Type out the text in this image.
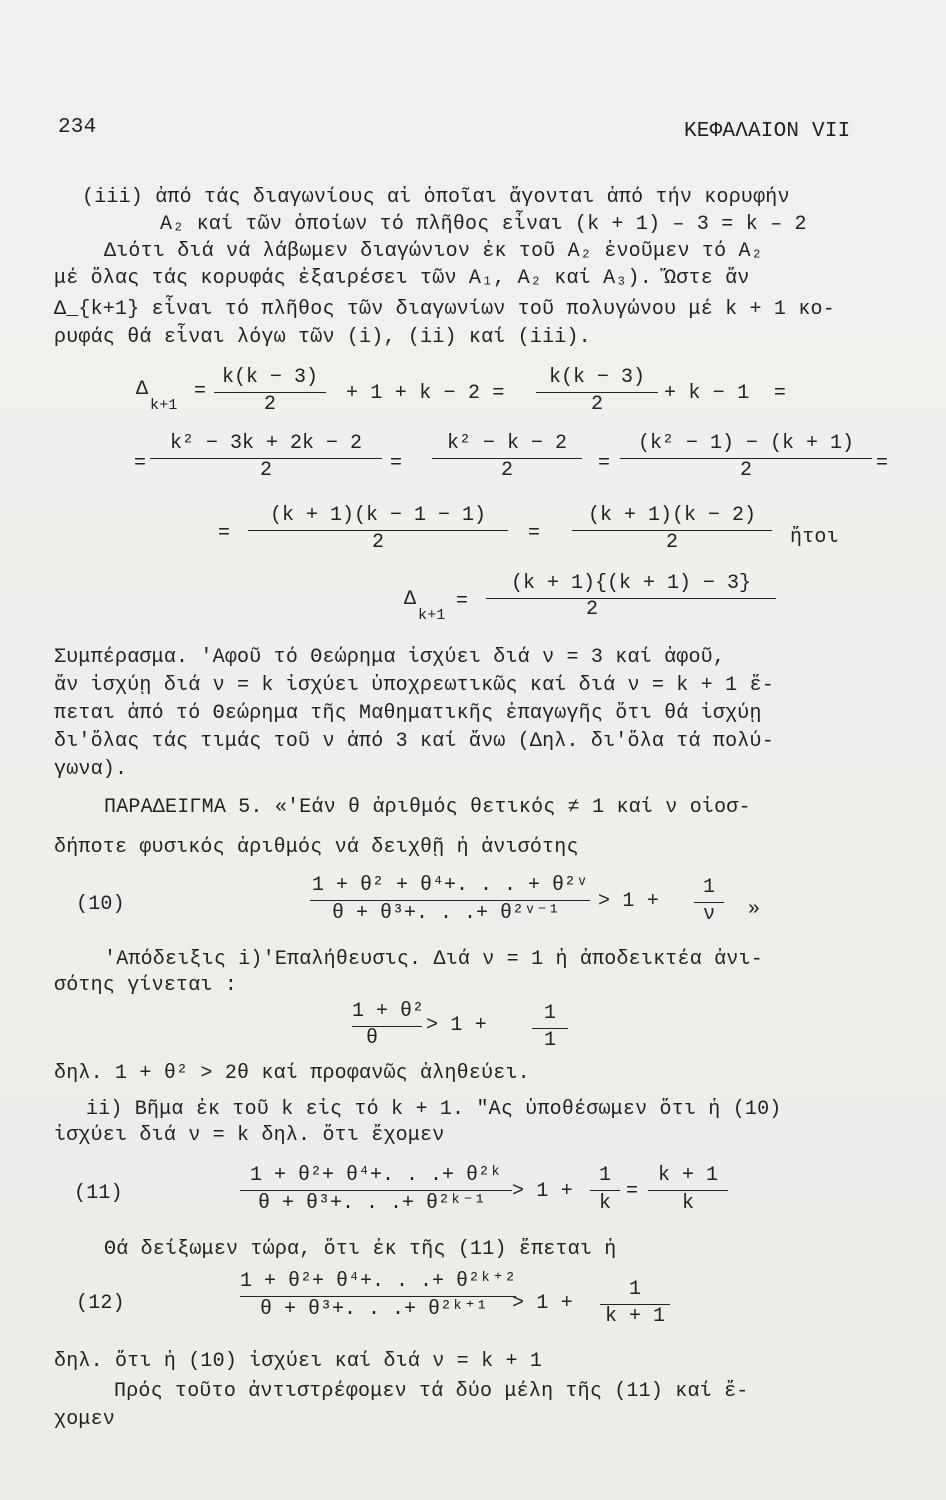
234	ΚΕΦΑΛΑΙΟΝ VII
(iii) ἀπό τάς διαγωνίους αἱ ὁποῖαι ἄγονται ἀπό τήν κορυφήν
Α₂ καί τῶν ὁποίων τό πλῆθος εἶναι (k + 1) – 3 = k – 2
Διότι διά νά λάβωμεν διαγώνιον ἐκ τοῦ Α₂ ἑνοῦμεν τό Α₂
μέ ὅλας τάς κορυφάς ἐξαιρέσει τῶν Α₁, Α₂ καί Α₃). Ὥστε ἄν
Δ_{k+1} εἶναι τό πλῆθος τῶν διαγωνίων τοῦ πολυγώνου μέ k + 1 κο-
ρυφάς θά εἶναι λόγω τῶν (i), (ii) καί (iii).
Δ
k+1
=
k(k − 3)
2	+ 1 + k − 2 =
k(k − 3)
2	+ k − 1  =
=
k² − 3k + 2k − 2
2	=
k² − k − 2
2	=
(k² − 1) − (k + 1)
2	=
=
(k + 1)(k − 1 − 1)
2	=
(k + 1)(k − 2)
2	ἤτοι
Δ
k+1
=
(k + 1){(k + 1) − 3}
2
Συμπέρασμα. 'Αφοῦ τό Θεώρημα ἰσχύει διά ν = 3 καί ἀφοῦ,
ἄν ἰσχύῃ διά ν = k ἰσχύει ὑποχρεωτικῶς καί διά ν = k + 1 ἕ-
πεται ἀπό τό Θεώρημα τῆς Μαθηματικῆς ἐπαγωγῆς ὅτι θά ἰσχύῃ
δι'ὅλας τάς τιμάς τοῦ ν ἀπό 3 καί ἄνω (Δηλ. δι'ὅλα τά πολύ-
γωνα).
ΠΑΡΑΔΕΙΓΜΑ 5. «'Εάν θ ἀριθμός θετικός ≠ 1 καί ν οἰοσ-
δήποτε φυσικός ἀριθμός νά δειχθῇ ἡ ἀνισότης
(10)
1 + θ² + θ⁴+. . . + θ²ᵛ
θ + θ³+. . .+ θ²ᵛ⁻¹
> 1 +
1
ν	»
'Απόδειξις i)'Επαλήθευσις. Διά ν = 1 ἡ ἀποδεικτέα ἀνι-
σότης γίνεται :
1 + θ²
θ
> 1 +
1
1
δηλ. 1 + θ² > 2θ καί προφανῶς ἀληθεύει.
ii) Βῆμα ἐκ τοῦ k εἰς τό k + 1. "Ας ὑποθέσωμεν ὅτι ἡ (10)
ἰσχύει διά ν = k δηλ. ὅτι ἔχομεν
(11)
1 + θ²+ θ⁴+. . .+ θ²ᵏ
θ + θ³+. . .+ θ²ᵏ⁻¹
> 1 +
1
k
=
k + 1
k
Θά δείξωμεν τώρα, ὅτι ἐκ τῆς (11) ἕπεται ἡ
(12)
1 + θ²+ θ⁴+. . .+ θ²ᵏ⁺²
θ + θ³+. . .+ θ²ᵏ⁺¹	> 1 +
1
k + 1
δηλ. ὅτι ἡ (10) ἰσχύει καί διά ν = k + 1
Πρός τοῦτο ἀντιστρέφομεν τά δύο μέλη τῆς (11) καί ἔ-
χομεν
